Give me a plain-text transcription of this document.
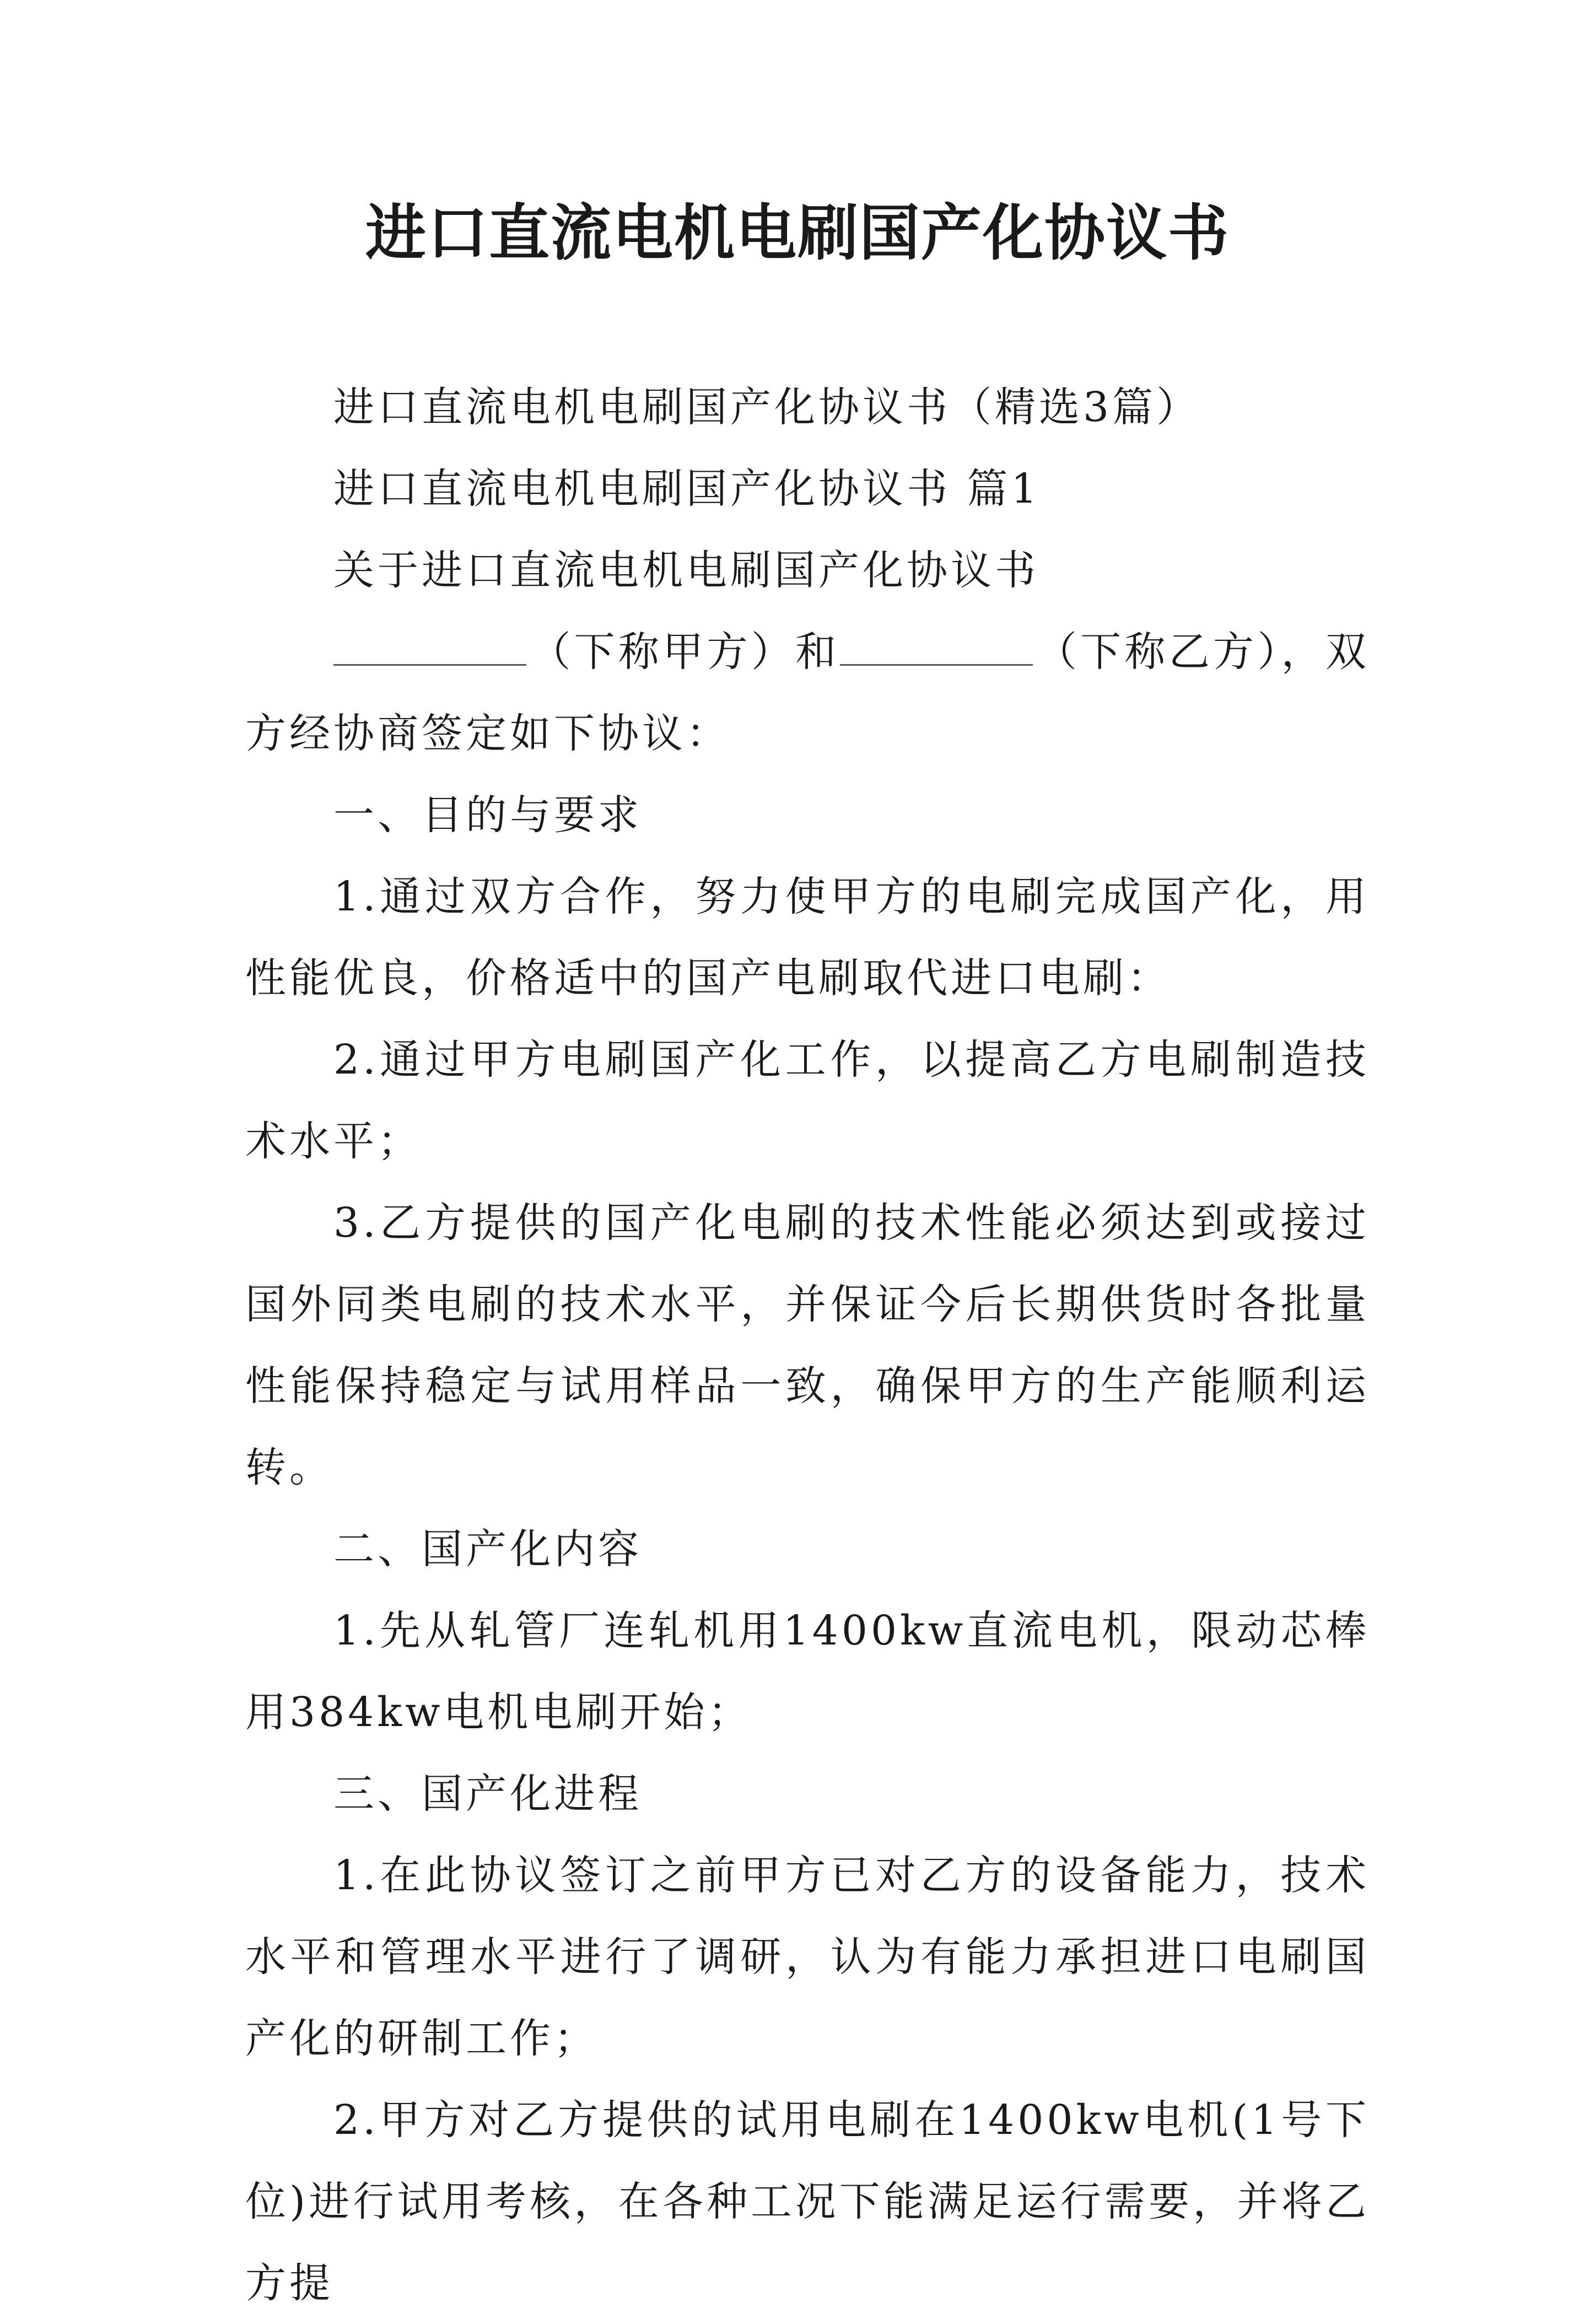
进口直流电机电刷国产化协议书

进口直流电机电刷国产化协议书（精选3篇）

进口直流电机电刷国产化协议书 篇1

关于进口直流电机电刷国产化协议书

（下称甲方）和	（下称乙方），双方经协商签定如下协议：

一、目的与要求

1.通过双方合作，努力使甲方的电刷完成国产化，用性能优良，价格适中的国产电刷取代进口电刷：

2.通过甲方电刷国产化工作，以提高乙方电刷制造技术水平；

3.乙方提供的国产化电刷的技术性能必须达到或接过国外同类电刷的技术水平，并保证今后长期供货时各批量性能保持稳定与试用样品一致，确保甲方的生产能顺利运转。

二、国产化内容

1.先从轧管厂连轧机用1400kw直流电机，限动芯棒用384kw电机电刷开始；

三、国产化进程

1.在此协议签订之前甲方已对乙方的设备能力，技术水平和管理水平进行了调研，认为有能力承担进口电刷国产化的研制工作；

2.甲方对乙方提供的试用电刷在1400kw电机(1号下位)进行试用考核，在各种工况下能满足运行需要，并将乙方提
